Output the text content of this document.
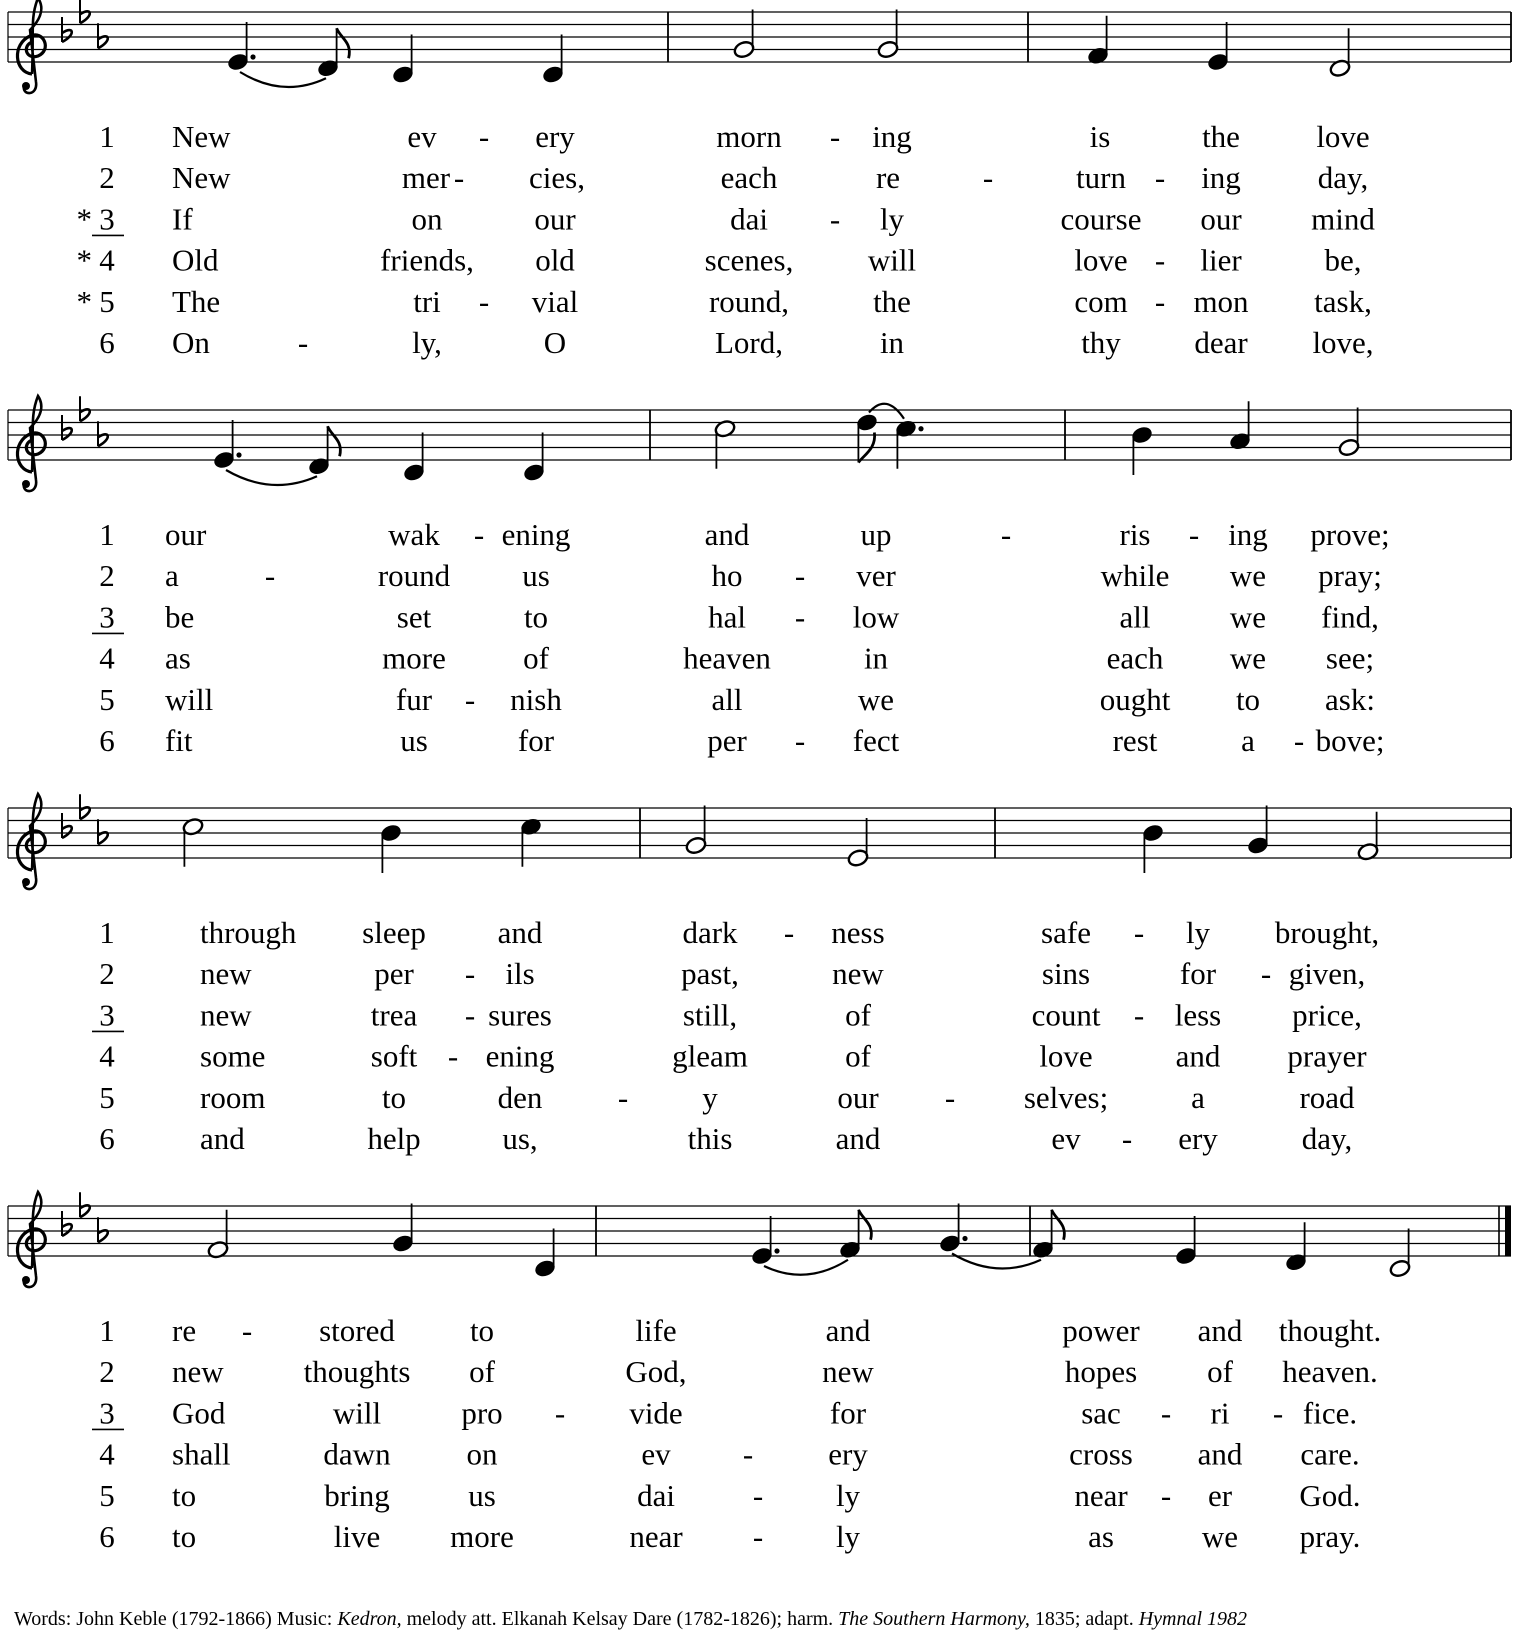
1 New	ev - ery	morn - ing	is	the love
2 New	mer - cies,	each	re	-	turn - ing day,
* 3 If	on	our	dai - ly	course our mind
* 4 Old	friends, old	scenes, will	love - lier	be,
* 5 The	tri - vial	round,	the	com - mon task,
6 On	-	ly,	O	Lord,	in	thy dear love,
1 our	wak - ening	and	up	-	ris - ing prove;
2 a	-	round us	ho - ver	while we pray;
3 be	set	to	hal - low	all	we find,
4 as	more of	heaven	in	each we see;
5 will	fur - nish	all	we	ought to ask:
6 fit	us	for	per - fect	rest	a - bove;
1	through sleep and	dark - ness	safe - ly brought,
2	new	per - ils	past,	new	sins	for - given,
3	new	trea - sures	still,	of	count - less price,
4	some	soft - ening	gleam	of	love	and prayer
5	room	to	den - y	our - selves;	a	road
6	and	help	us,	this	and	ev - ery	day,
1 re - stored to	life	and	power and thought.
2 new	thoughts of	God,	new	hopes of heaven.
3 God	will	pro - vide	for	sac - ri - fice.
4 shall	dawn on	ev - ery	cross and care.
5 to	bring	us	dai	- ly	near - er God.
6 to	live more	near - ly	as	we pray.
Words: John Keble (1792-1866) Music: Kedron, melody att. Elkanah Kelsay Dare (1782-1826); harm. The Southern Harmony, 1835; adapt. Hymnal 1982
